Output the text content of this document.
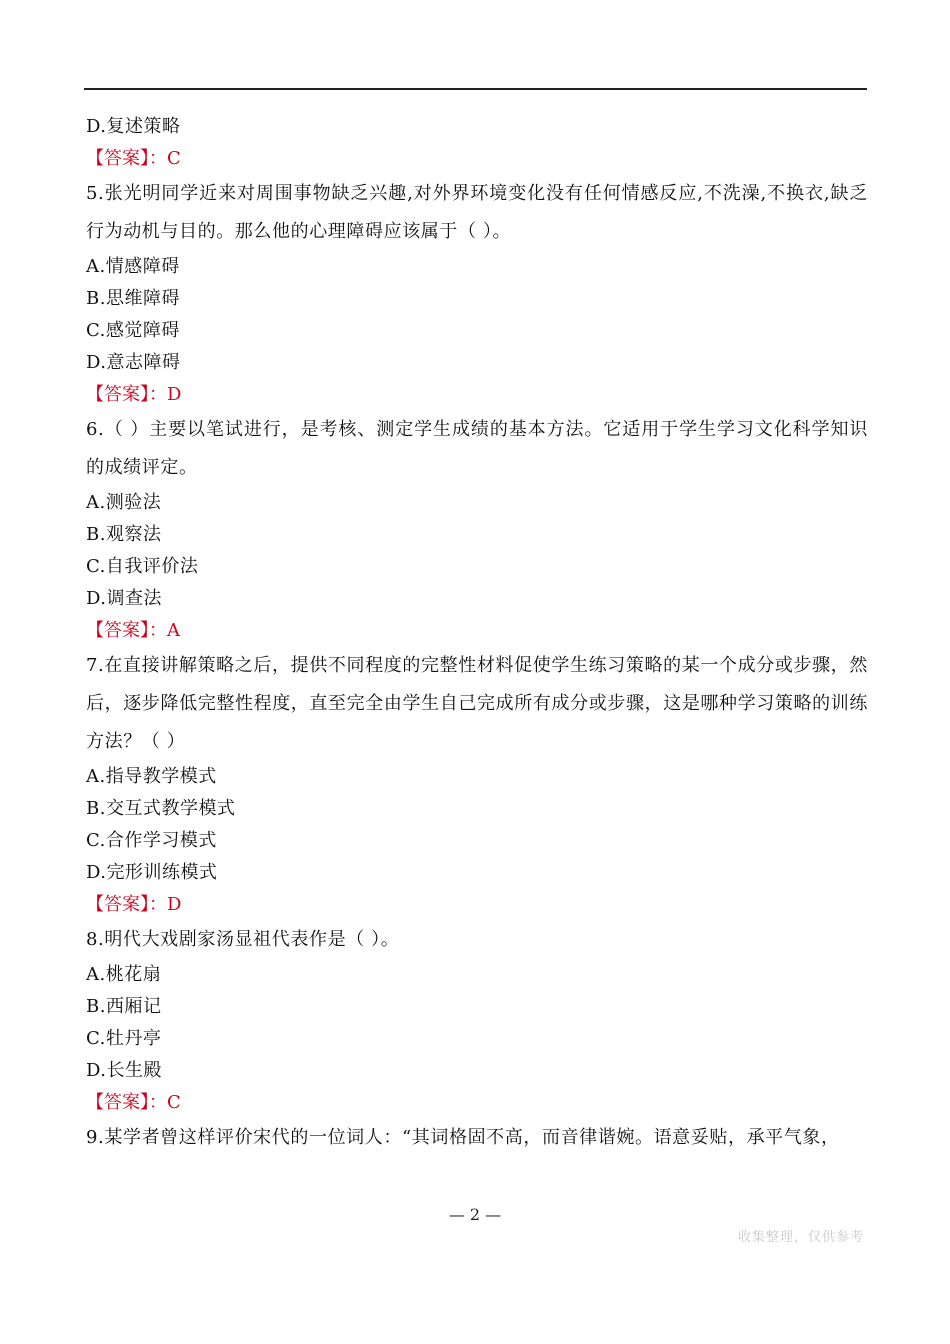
D.复述策略
【答案】：C
5.张光明同学近来对周围事物缺乏兴趣,对外界环境变化没有任何情感反应,不洗澡,不换衣,缺乏行为动机与目的。那么他的心理障碍应该属于（ ）。
A.情感障碍
B.思维障碍
C.感觉障碍
D.意志障碍
【答案】：D
6.（ ）主要以笔试进行，是考核、测定学生成绩的基本方法。它适用于学生学习文化科学知识的成绩评定。
A.测验法
B.观察法
C.自我评价法
D.调查法
【答案】：A
7.在直接讲解策略之后，提供不同程度的完整性材料促使学生练习策略的某一个成分或步骤，然后，逐步降低完整性程度，直至完全由学生自己完成所有成分或步骤，这是哪种学习策略的训练方法？（ ）
A.指导教学模式
B.交互式教学模式
C.合作学习模式
D.完形训练模式
【答案】：D
8.明代大戏剧家汤显祖代表作是（ ）。
A.桃花扇
B.西厢记
C.牡丹亭
D.长生殿
【答案】：C
9.某学者曾这样评价宋代的一位词人：“其词格固不高，而音律谐婉。语意妥贴，承平气象，
— 2 —
收集整理，仅供参考
